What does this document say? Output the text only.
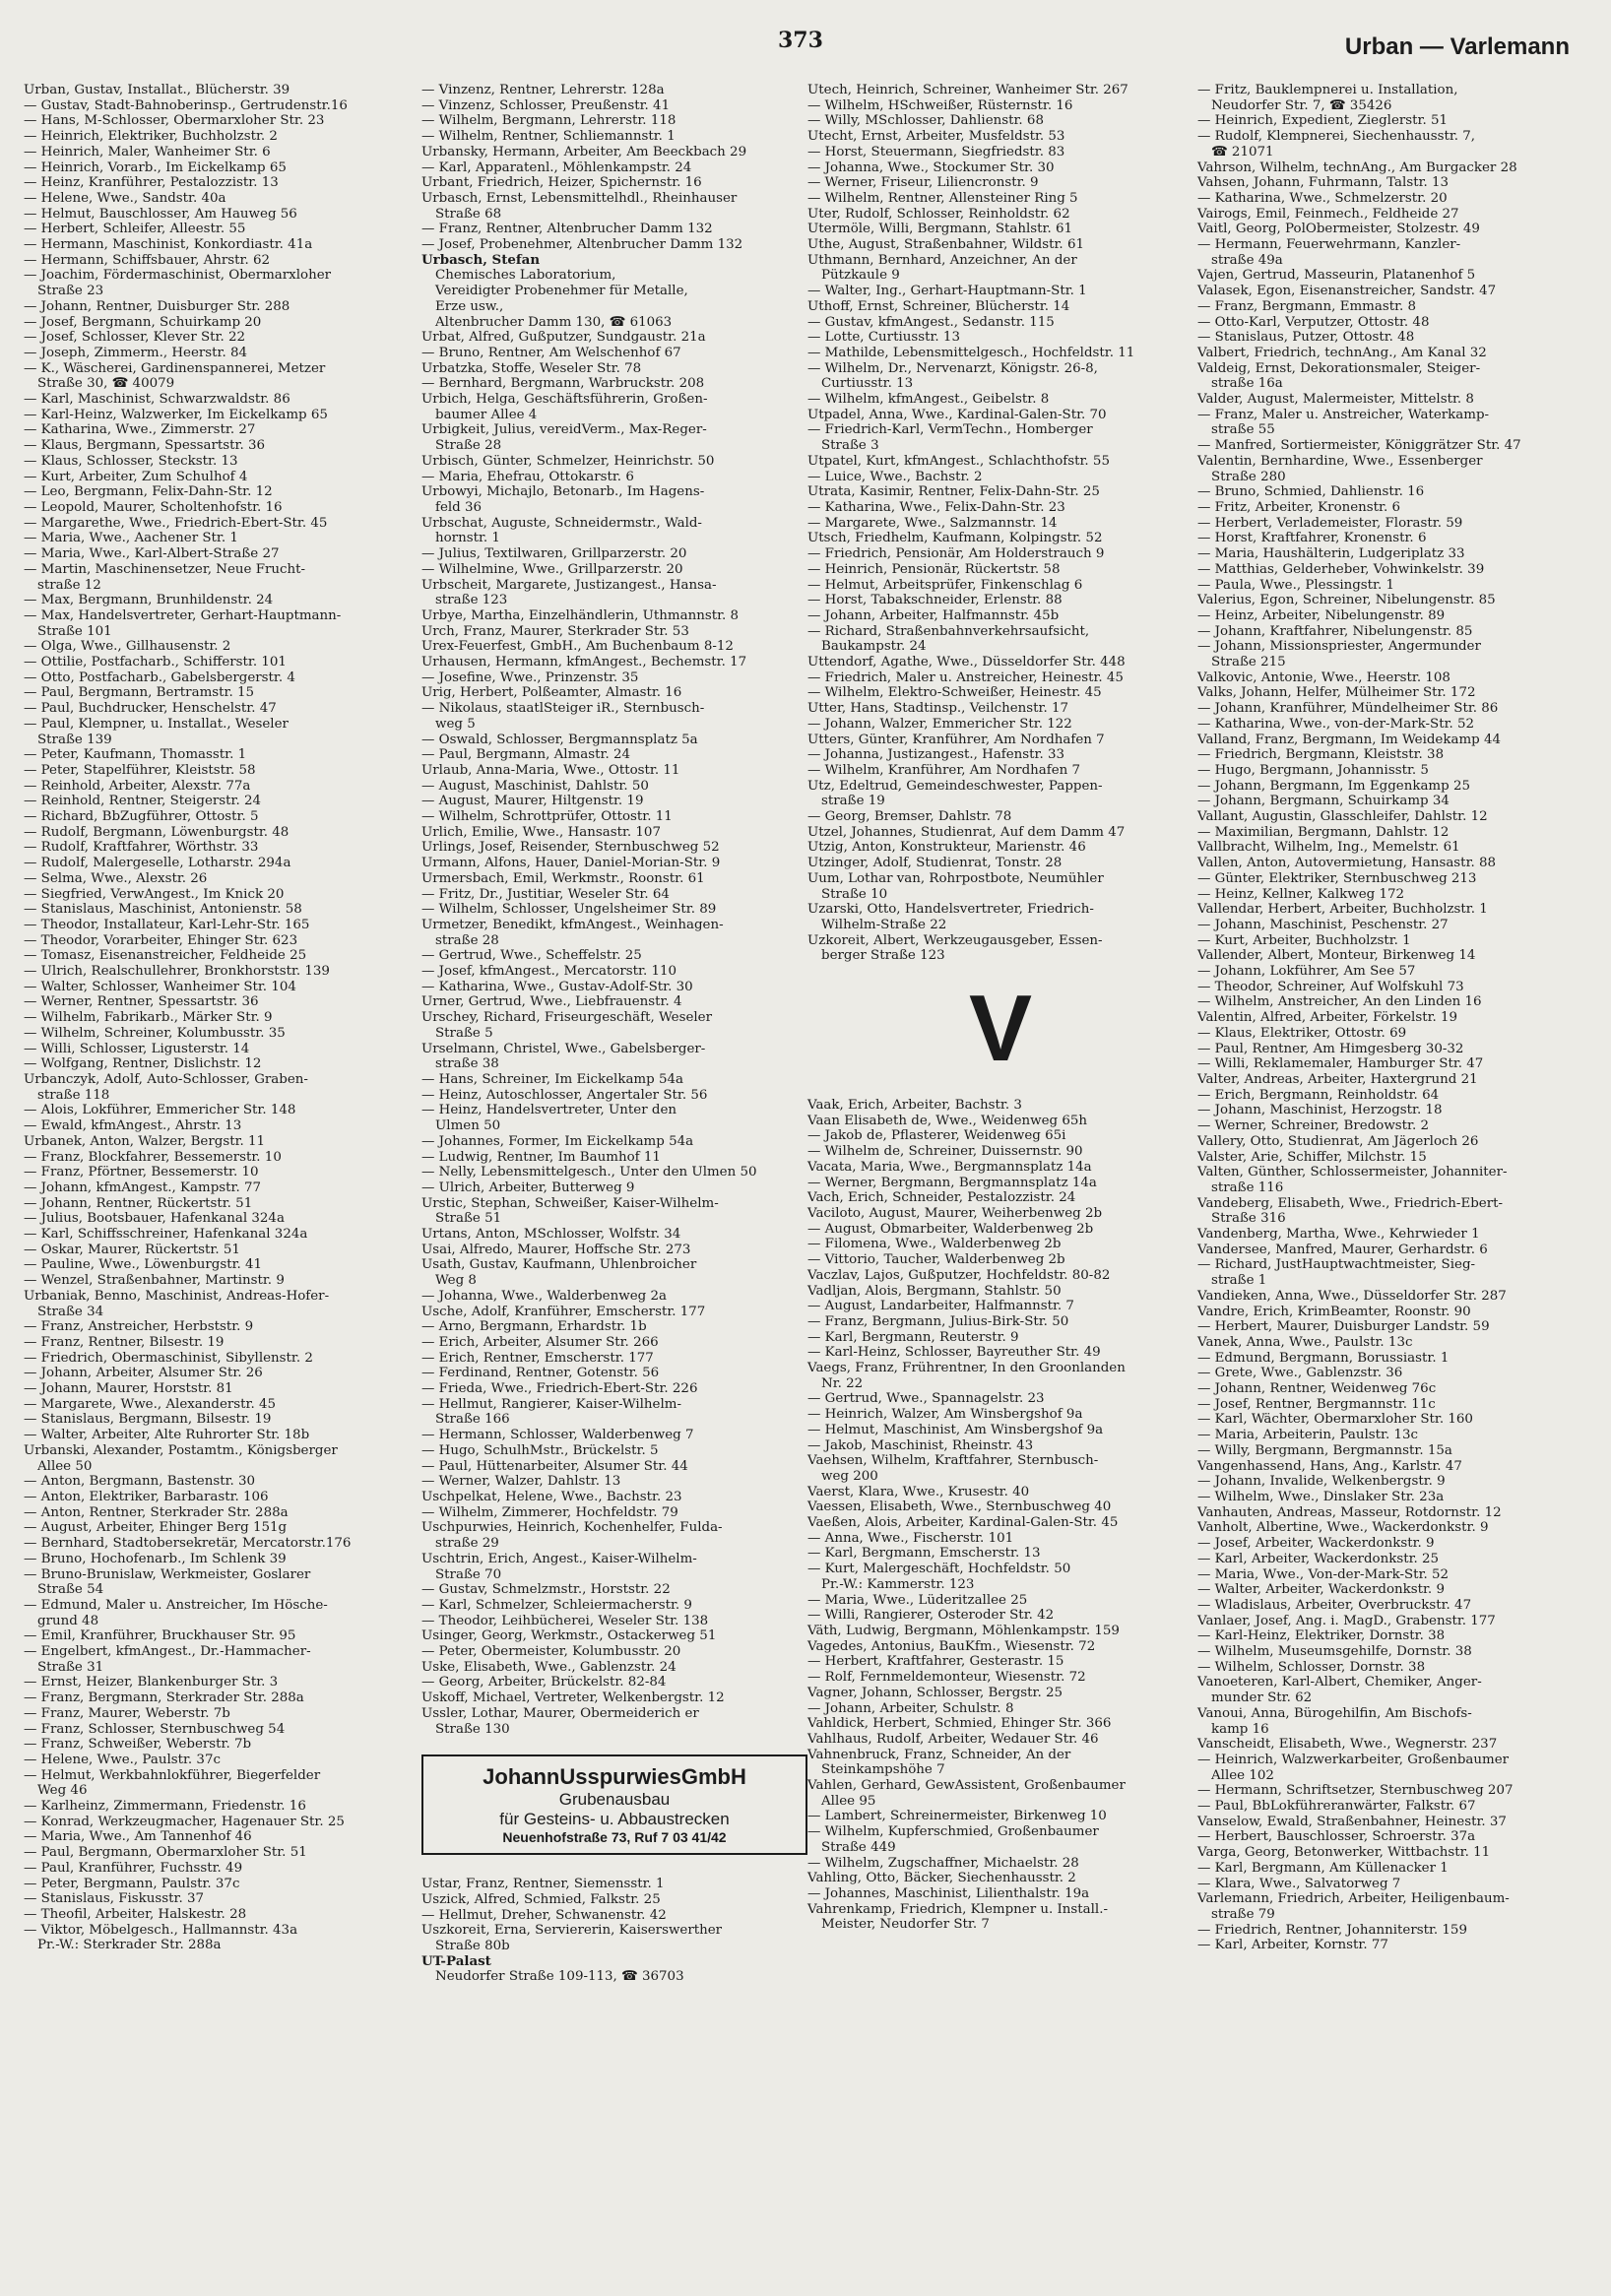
373	Urban — Varlemann
Urban, Gustav, Installat., Blücherstr. 39
— Gustav, Stadt-Bahnoberinsp., Gertrudenstr.16
— Hans, M-Schlosser, Obermarxloher Str. 23
— Heinrich, Elektriker, Buchholzstr. 2
— Heinrich, Maler, Wanheimer Str. 6
— Heinrich, Vorarb., Im Eickelkamp 65
— Heinz, Kranführer, Pestalozzistr. 13
— Helene, Wwe., Sandstr. 40a
— Helmut, Bauschlosser, Am Hauweg 56
— Herbert, Schleifer, Alleestr. 55
— Hermann, Maschinist, Konkordiastr. 41a
— Hermann, Schiffsbauer, Ahrstr. 62
— Joachim, Fördermaschinist, Obermarxloher
Straße 23
— Johann, Rentner, Duisburger Str. 288
— Josef, Bergmann, Schuirkamp 20
— Josef, Schlosser, Klever Str. 22
— Joseph, Zimmerm., Heerstr. 84
— K., Wäscherei, Gardinenspannerei, Metzer
Straße 30, ☎ 40079
— Karl, Maschinist, Schwarzwaldstr. 86
— Karl-Heinz, Walzwerker, Im Eickelkamp 65
— Katharina, Wwe., Zimmerstr. 27
— Klaus, Bergmann, Spessartstr. 36
— Klaus, Schlosser, Steckstr. 13
— Kurt, Arbeiter, Zum Schulhof 4
— Leo, Bergmann, Felix-Dahn-Str. 12
— Leopold, Maurer, Scholtenhofstr. 16
— Margarethe, Wwe., Friedrich-Ebert-Str. 45
— Maria, Wwe., Aachener Str. 1
— Maria, Wwe., Karl-Albert-Straße 27
— Martin, Maschinensetzer, Neue Frucht-
straße 12
— Max, Bergmann, Brunhildenstr. 24
— Max, Handelsvertreter, Gerhart-Hauptmann-
Straße 101
— Olga, Wwe., Gillhausenstr. 2
— Ottilie, Postfacharb., Schifferstr. 101
— Otto, Postfacharb., Gabelsbergerstr. 4
— Paul, Bergmann, Bertramstr. 15
— Paul, Buchdrucker, Henschelstr. 47
— Paul, Klempner, u. Installat., Weseler
Straße 139
— Peter, Kaufmann, Thomasstr. 1
— Peter, Stapelführer, Kleiststr. 58
— Reinhold, Arbeiter, Alexstr. 77a
— Reinhold, Rentner, Steigerstr. 24
— Richard, BbZugführer, Ottostr. 5
— Rudolf, Bergmann, Löwenburgstr. 48
— Rudolf, Kraftfahrer, Wörthstr. 33
— Rudolf, Malergeselle, Lotharstr. 294a
— Selma, Wwe., Alexstr. 26
— Siegfried, VerwAngest., Im Knick 20
— Stanislaus, Maschinist, Antonienstr. 58
— Theodor, Installateur, Karl-Lehr-Str. 165
— Theodor, Vorarbeiter, Ehinger Str. 623
— Tomasz, Eisenanstreicher, Feldheide 25
— Ulrich, Realschullehrer, Bronkhorststr. 139
— Walter, Schlosser, Wanheimer Str. 104
— Werner, Rentner, Spessartstr. 36
— Wilhelm, Fabrikarb., Märker Str. 9
— Wilhelm, Schreiner, Kolumbusstr. 35
— Willi, Schlosser, Ligusterstr. 14
— Wolfgang, Rentner, Dislichstr. 12
Urbanczyk, Adolf, Auto-Schlosser, Graben-
straße 118
— Alois, Lokführer, Emmericher Str. 148
— Ewald, kfmAngest., Ahrstr. 13
Urbanek, Anton, Walzer, Bergstr. 11
— Franz, Blockfahrer, Bessemerstr. 10
— Franz, Pförtner, Bessemerstr. 10
— Johann, kfmAngest., Kampstr. 77
— Johann, Rentner, Rückertstr. 51
— Julius, Bootsbauer, Hafenkanal 324a
— Karl, Schiffsschreiner, Hafenkanal 324a
— Oskar, Maurer, Rückertstr. 51
— Pauline, Wwe., Löwenburgstr. 41
— Wenzel, Straßenbahner, Martinstr. 9
Urbaniak, Benno, Maschinist, Andreas-Hofer-
Straße 34
— Franz, Anstreicher, Herbststr. 9
— Franz, Rentner, Bilsestr. 19
— Friedrich, Obermaschinist, Sibyllenstr. 2
— Johann, Arbeiter, Alsumer Str. 26
— Johann, Maurer, Horststr. 81
— Margarete, Wwe., Alexanderstr. 45
— Stanislaus, Bergmann, Bilsestr. 19
— Walter, Arbeiter, Alte Ruhrorter Str. 18b
Urbanski, Alexander, Postamtm., Königsberger
Allee 50
— Anton, Bergmann, Bastenstr. 30
— Anton, Elektriker, Barbarastr. 106
— Anton, Rentner, Sterkrader Str. 288a
— August, Arbeiter, Ehinger Berg 151g
— Bernhard, Stadtobersekretär, Mercatorstr.176
— Bruno, Hochofenarb., Im Schlenk 39
— Bruno-Brunislaw, Werkmeister, Goslarer
Straße 54
— Edmund, Maler u. Anstreicher, Im Hösche-
grund 48
— Emil, Kranführer, Bruckhauser Str. 95
— Engelbert, kfmAngest., Dr.-Hammacher-
Straße 31
— Ernst, Heizer, Blankenburger Str. 3
— Franz, Bergmann, Sterkrader Str. 288a
— Franz, Maurer, Weberstr. 7b
— Franz, Schlosser, Sternbuschweg 54
— Franz, Schweißer, Weberstr. 7b
— Helene, Wwe., Paulstr. 37c
— Helmut, Werkbahnlokführer, Biegerfelder
Weg 46
— Karlheinz, Zimmermann, Friedenstr. 16
— Konrad, Werkzeugmacher, Hagenauer Str. 25
— Maria, Wwe., Am Tannenhof 46
— Paul, Bergmann, Obermarxloher Str. 51
— Paul, Kranführer, Fuchsstr. 49
— Peter, Bergmann, Paulstr. 37c
— Stanislaus, Fiskusstr. 37
— Theofil, Arbeiter, Halskestr. 28
— Viktor, Möbelgesch., Hallmannstr. 43a
Pr.-W.: Sterkrader Str. 288a
— Vinzenz, Rentner, Lehrerstr. 128a
— Vinzenz, Schlosser, Preußenstr. 41
— Wilhelm, Bergmann, Lehrerstr. 118
— Wilhelm, Rentner, Schliemannstr. 1
Urbansky, Hermann, Arbeiter, Am Beeckbach 29
— Karl, Apparatenl., Möhlenkampstr. 24
Urbant, Friedrich, Heizer, Spichernstr. 16
Urbasch, Ernst, Lebensmittelhdl., Rheinhauser
Straße 68
— Franz, Rentner, Altenbrucher Damm 132
— Josef, Probenehmer, Altenbrucher Damm 132
Urbasch, Stefan
Chemisches Laboratorium,
Vereidigter Probenehmer für Metalle,
Erze usw.,
Altenbrucher Damm 130, ☎ 61063
Urbat, Alfred, Gußputzer, Sundgaustr. 21a
— Bruno, Rentner, Am Welschenhof 67
Urbatzka, Stoffe, Weseler Str. 78
— Bernhard, Bergmann, Warbruckstr. 208
Urbich, Helga, Geschäftsführerin, Großen-
baumer Allee 4
Urbigkeit, Julius, vereidVerm., Max-Reger-
Straße 28
Urbisch, Günter, Schmelzer, Heinrichstr. 50
— Maria, Ehefrau, Ottokarstr. 6
Urbowyi, Michajlo, Betonarb., Im Hagens-
feld 36
Urbschat, Auguste, Schneidermstr., Wald-
hornstr. 1
— Julius, Textilwaren, Grillparzerstr. 20
— Wilhelmine, Wwe., Grillparzerstr. 20
Urbscheit, Margarete, Justizangest., Hansa-
straße 123
Urbye, Martha, Einzelhändlerin, Uthmannstr. 8
Urch, Franz, Maurer, Sterkrader Str. 53
Urex-Feuerfest, GmbH., Am Buchenbaum 8-12
Urhausen, Hermann, kfmAngest., Bechemstr. 17
— Josefine, Wwe., Prinzenstr. 35
Urig, Herbert, Polßeamter, Almastr. 16
— Nikolaus, staatlSteiger iR., Sternbusch-
weg 5
— Oswald, Schlosser, Bergmannsplatz 5a
— Paul, Bergmann, Almastr. 24
Urlaub, Anna-Maria, Wwe., Ottostr. 11
— August, Maschinist, Dahlstr. 50
— August, Maurer, Hiltgenstr. 19
— Wilhelm, Schrottprüfer, Ottostr. 11
Urlich, Emilie, Wwe., Hansastr. 107
Urlings, Josef, Reisender, Sternbuschweg 52
Urmann, Alfons, Hauer, Daniel-Morian-Str. 9
Urmersbach, Emil, Werkmstr., Roonstr. 61
— Fritz, Dr., Justitiar, Weseler Str. 64
— Wilhelm, Schlosser, Ungelsheimer Str. 89
Urmetzer, Benedikt, kfmAngest., Weinhagen-
straße 28
— Gertrud, Wwe., Scheffelstr. 25
— Josef, kfmAngest., Mercatorstr. 110
— Katharina, Wwe., Gustav-Adolf-Str. 30
Urner, Gertrud, Wwe., Liebfrauenstr. 4
Urschey, Richard, Friseurgeschäft, Weseler
Straße 5
Urselmann, Christel, Wwe., Gabelsberger-
straße 38
— Hans, Schreiner, Im Eickelkamp 54a
— Heinz, Autoschlosser, Angertaler Str. 56
— Heinz, Handelsvertreter, Unter den
Ulmen 50
— Johannes, Former, Im Eickelkamp 54a
— Ludwig, Rentner, Im Baumhof 11
— Nelly, Lebensmittelgesch., Unter den Ulmen 50
— Ulrich, Arbeiter, Butterweg 9
Urstic, Stephan, Schweißer, Kaiser-Wilhelm-
Straße 51
Urtans, Anton, MSchlosser, Wolfstr. 34
Usai, Alfredo, Maurer, Hoffsche Str. 273
Usath, Gustav, Kaufmann, Uhlenbroicher
Weg 8
— Johanna, Wwe., Walderbenweg 2a
Usche, Adolf, Kranführer, Emscherstr. 177
— Arno, Bergmann, Erhardstr. 1b
— Erich, Arbeiter, Alsumer Str. 266
— Erich, Rentner, Emscherstr. 177
— Ferdinand, Rentner, Gotenstr. 56
— Frieda, Wwe., Friedrich-Ebert-Str. 226
— Hellmut, Rangierer, Kaiser-Wilhelm-
Straße 166
— Hermann, Schlosser, Walderbenweg 7
— Hugo, SchulhMstr., Brückelstr. 5
— Paul, Hüttenarbeiter, Alsumer Str. 44
— Werner, Walzer, Dahlstr. 13
Uschpelkat, Helene, Wwe., Bachstr. 23
— Wilhelm, Zimmerer, Hochfeldstr. 79
Uschpurwies, Heinrich, Kochenhelfer, Fulda-
straße 29
Uschtrin, Erich, Angest., Kaiser-Wilhelm-
Straße 70
— Gustav, Schmelzmstr., Horststr. 22
— Karl, Schmelzer, Schleiermacherstr. 9
— Theodor, Leihbücherei, Weseler Str. 138
Usinger, Georg, Werkmstr., Ostackerweg 51
— Peter, Obermeister, Kolumbusstr. 20
Uske, Elisabeth, Wwe., Gablenzstr. 24
— Georg, Arbeiter, Brückelstr. 82-84
Uskoff, Michael, Vertreter, Welkenbergstr. 12
Ussler, Lothar, Maurer, Obermeiderich er
Straße 130
JohannUsspurwiesGmbH
Grubenausbau
für Gesteins- u. Abbaustrecken
Neuenhofstraße 73, Ruf 7 03 41/42
Ustar, Franz, Rentner, Siemensstr. 1
Uszick, Alfred, Schmied, Falkstr. 25
— Hellmut, Dreher, Schwanenstr. 42
Uszkoreit, Erna, Serviererin, Kaiserswerther
Straße 80b
UT-Palast
Neudorfer Straße 109-113, ☎ 36703
Utech, Heinrich, Schreiner, Wanheimer Str. 267
— Wilhelm, HSchweißer, Rüsternstr. 16
— Willy, MSchlosser, Dahlienstr. 68
Utecht, Ernst, Arbeiter, Musfeldstr. 53
— Horst, Steuermann, Siegfriedstr. 83
— Johanna, Wwe., Stockumer Str. 30
— Werner, Friseur, Liliencronstr. 9
— Wilhelm, Rentner, Allensteiner Ring 5
Uter, Rudolf, Schlosser, Reinholdstr. 62
Utermöle, Willi, Bergmann, Stahlstr. 61
Uthe, August, Straßenbahner, Wildstr. 61
Uthmann, Bernhard, Anzeichner, An der
Pützkaule 9
— Walter, Ing., Gerhart-Hauptmann-Str. 1
Uthoff, Ernst, Schreiner, Blücherstr. 14
— Gustav, kfmAngest., Sedanstr. 115
— Lotte, Curtiusstr. 13
— Mathilde, Lebensmittelgesch., Hochfeldstr. 11
— Wilhelm, Dr., Nervenarzt, Königstr. 26-8,
Curtiusstr. 13
— Wilhelm, kfmAngest., Geibelstr. 8
Utpadel, Anna, Wwe., Kardinal-Galen-Str. 70
— Friedrich-Karl, VermTechn., Homberger
Straße 3
Utpatel, Kurt, kfmAngest., Schlachthofstr. 55
— Luice, Wwe., Bachstr. 2
Utrata, Kasimir, Rentner, Felix-Dahn-Str. 25
— Katharina, Wwe., Felix-Dahn-Str. 23
— Margarete, Wwe., Salzmannstr. 14
Utsch, Friedhelm, Kaufmann, Kolpingstr. 52
— Friedrich, Pensionär, Am Holderstrauch 9
— Heinrich, Pensionär, Rückertstr. 58
— Helmut, Arbeitsprüfer, Finkenschlag 6
— Horst, Tabakschneider, Erlenstr. 88
— Johann, Arbeiter, Halfmannstr. 45b
— Richard, Straßenbahnverkehrsaufsicht,
Baukampstr. 24
Uttendorf, Agathe, Wwe., Düsseldorfer Str. 448
— Friedrich, Maler u. Anstreicher, Heinestr. 45
— Wilhelm, Elektro-Schweißer, Heinestr. 45
Utter, Hans, Stadtinsp., Veilchenstr. 17
— Johann, Walzer, Emmericher Str. 122
Utters, Günter, Kranführer, Am Nordhafen 7
— Johanna, Justizangest., Hafenstr. 33
— Wilhelm, Kranführer, Am Nordhafen 7
Utz, Edeltrud, Gemeindeschwester, Pappen-
straße 19
— Georg, Bremser, Dahlstr. 78
Utzel, Johannes, Studienrat, Auf dem Damm 47
Utzig, Anton, Konstrukteur, Marienstr. 46
Utzinger, Adolf, Studienrat, Tonstr. 28
Uum, Lothar van, Rohrpostbote, Neumühler
Straße 10
Uzarski, Otto, Handelsvertreter, Friedrich-
Wilhelm-Straße 22
Uzkoreit, Albert, Werkzeugausgeber, Essen-
berger Straße 123
V
Vaak, Erich, Arbeiter, Bachstr. 3
Vaan Elisabeth de, Wwe., Weidenweg 65h
— Jakob de, Pflasterer, Weidenweg 65i
— Wilhelm de, Schreiner, Duissernstr. 90
Vacata, Maria, Wwe., Bergmannsplatz 14a
— Werner, Bergmann, Bergmannsplatz 14a
Vach, Erich, Schneider, Pestalozzistr. 24
Vaciloto, August, Maurer, Weiherbenweg 2b
— August, Obmarbeiter, Walderbenweg 2b
— Filomena, Wwe., Walderbenweg 2b
— Vittorio, Taucher, Walderbenweg 2b
Vaczlav, Lajos, Gußputzer, Hochfeldstr. 80-82
Vadljan, Alois, Bergmann, Stahlstr. 50
— August, Landarbeiter, Halfmannstr. 7
— Franz, Bergmann, Julius-Birk-Str. 50
— Karl, Bergmann, Reuterstr. 9
— Karl-Heinz, Schlosser, Bayreuther Str. 49
Vaegs, Franz, Frührentner, In den Groonlanden
Nr. 22
— Gertrud, Wwe., Spannagelstr. 23
— Heinrich, Walzer, Am Winsbergshof 9a
— Helmut, Maschinist, Am Winsbergshof 9a
— Jakob, Maschinist, Rheinstr. 43
Vaehsen, Wilhelm, Kraftfahrer, Sternbusch-
weg 200
Vaerst, Klara, Wwe., Krusestr. 40
Vaessen, Elisabeth, Wwe., Sternbuschweg 40
Vaeßen, Alois, Arbeiter, Kardinal-Galen-Str. 45
— Anna, Wwe., Fischerstr. 101
— Karl, Bergmann, Emscherstr. 13
— Kurt, Malergeschäft, Hochfeldstr. 50
Pr.-W.: Kammerstr. 123
— Maria, Wwe., Lüderitzallee 25
— Willi, Rangierer, Osteroder Str. 42
Väth, Ludwig, Bergmann, Möhlenkampstr. 159
Vagedes, Antonius, BauKfm., Wiesenstr. 72
— Herbert, Kraftfahrer, Gesterastr. 15
— Rolf, Fernmeldemonteur, Wiesenstr. 72
Vagner, Johann, Schlosser, Bergstr. 25
— Johann, Arbeiter, Schulstr. 8
Vahldick, Herbert, Schmied, Ehinger Str. 366
Vahlhaus, Rudolf, Arbeiter, Wedauer Str. 46
Vahnenbruck, Franz, Schneider, An der
Steinkampshöhe 7
Vahlen, Gerhard, GewAssistent, Großenbaumer
Allee 95
— Lambert, Schreinermeister, Birkenweg 10
— Wilhelm, Kupferschmied, Großenbaumer
Straße 449
— Wilhelm, Zugschaffner, Michaelstr. 28
Vahling, Otto, Bäcker, Siechenhausstr. 2
— Johannes, Maschinist, Lilienthalstr. 19a
Vahrenkamp, Friedrich, Klempner u. Install.-
Meister, Neudorfer Str. 7
— Fritz, Bauklempnerei u. Installation,
Neudorfer Str. 7, ☎ 35426
— Heinrich, Expedient, Zieglerstr. 51
— Rudolf, Klempnerei, Siechenhausstr. 7,
☎ 21071
Vahrson, Wilhelm, technAng., Am Burgacker 28
Vahsen, Johann, Fuhrmann, Talstr. 13
— Katharina, Wwe., Schmelzerstr. 20
Vairogs, Emil, Feinmech., Feldheide 27
Vaitl, Georg, PolObermeister, Stolzestr. 49
— Hermann, Feuerwehrmann, Kanzler-
straße 49a
Vajen, Gertrud, Masseurin, Platanenhof 5
Valasek, Egon, Eisenanstreicher, Sandstr. 47
— Franz, Bergmann, Emmastr. 8
— Otto-Karl, Verputzer, Ottostr. 48
— Stanislaus, Putzer, Ottostr. 48
Valbert, Friedrich, technAng., Am Kanal 32
Valdeig, Ernst, Dekorationsmaler, Steiger-
straße 16a
Valder, August, Malermeister, Mittelstr. 8
— Franz, Maler u. Anstreicher, Waterkamp-
straße 55
— Manfred, Sortiermeister, Königgrätzer Str. 47
Valentin, Bernhardine, Wwe., Essenberger
Straße 280
— Bruno, Schmied, Dahlienstr. 16
— Fritz, Arbeiter, Kronenstr. 6
— Herbert, Verlademeister, Florastr. 59
— Horst, Kraftfahrer, Kronenstr. 6
— Maria, Haushälterin, Ludgeriplatz 33
— Matthias, Gelderheber, Vohwinkelstr. 39
— Paula, Wwe., Plessingstr. 1
Valerius, Egon, Schreiner, Nibelungenstr. 85
— Heinz, Arbeiter, Nibelungenstr. 89
— Johann, Kraftfahrer, Nibelungenstr. 85
— Johann, Missionspriester, Angermunder
Straße 215
Valkovic, Antonie, Wwe., Heerstr. 108
Valks, Johann, Helfer, Mülheimer Str. 172
— Johann, Kranführer, Mündelheimer Str. 86
— Katharina, Wwe., von-der-Mark-Str. 52
Valland, Franz, Bergmann, Im Weidekamp 44
— Friedrich, Bergmann, Kleiststr. 38
— Hugo, Bergmann, Johannisstr. 5
— Johann, Bergmann, Im Eggenkamp 25
— Johann, Bergmann, Schuirkamp 34
Vallant, Augustin, Glasschleifer, Dahlstr. 12
— Maximilian, Bergmann, Dahlstr. 12
Vallbracht, Wilhelm, Ing., Memelstr. 61
Vallen, Anton, Autovermietung, Hansastr. 88
— Günter, Elektriker, Sternbuschweg 213
— Heinz, Kellner, Kalkweg 172
Vallendar, Herbert, Arbeiter, Buchholzstr. 1
— Johann, Maschinist, Peschenstr. 27
— Kurt, Arbeiter, Buchholzstr. 1
Vallender, Albert, Monteur, Birkenweg 14
— Johann, Lokführer, Am See 57
— Theodor, Schreiner, Auf Wolfskuhl 73
— Wilhelm, Anstreicher, An den Linden 16
Valentin, Alfred, Arbeiter, Förkelstr. 19
— Klaus, Elektriker, Ottostr. 69
— Paul, Rentner, Am Himgesberg 30-32
— Willi, Reklamemaler, Hamburger Str. 47
Valter, Andreas, Arbeiter, Haxtergrund 21
— Erich, Bergmann, Reinholdstr. 64
— Johann, Maschinist, Herzogstr. 18
— Werner, Schreiner, Bredowstr. 2
Vallery, Otto, Studienrat, Am Jägerloch 26
Valster, Arie, Schiffer, Milchstr. 15
Valten, Günther, Schlossermeister, Johanniter-
straße 116
Vandeberg, Elisabeth, Wwe., Friedrich-Ebert-
Straße 316
Vandenberg, Martha, Wwe., Kehrwieder 1
Vandersee, Manfred, Maurer, Gerhardstr. 6
— Richard, JustHauptwachtmeister, Sieg-
straße 1
Vandieken, Anna, Wwe., Düsseldorfer Str. 287
Vandre, Erich, KrimBeamter, Roonstr. 90
— Herbert, Maurer, Duisburger Landstr. 59
Vanek, Anna, Wwe., Paulstr. 13c
— Edmund, Bergmann, Borussiastr. 1
— Grete, Wwe., Gablenzstr. 36
— Johann, Rentner, Weidenweg 76c
— Josef, Rentner, Bergmannstr. 11c
— Karl, Wächter, Obermarxloher Str. 160
— Maria, Arbeiterin, Paulstr. 13c
— Willy, Bergmann, Bergmannstr. 15a
Vangenhassend, Hans, Ang., Karlstr. 47
— Johann, Invalide, Welkenbergstr. 9
— Wilhelm, Wwe., Dinslaker Str. 23a
Vanhauten, Andreas, Masseur, Rotdornstr. 12
Vanholt, Albertine, Wwe., Wackerdonkstr. 9
— Josef, Arbeiter, Wackerdonkstr. 9
— Karl, Arbeiter, Wackerdonkstr. 25
— Maria, Wwe., Von-der-Mark-Str. 52
— Walter, Arbeiter, Wackerdonkstr. 9
— Wladislaus, Arbeiter, Overbruckstr. 47
Vanlaer, Josef, Ang. i. MagD., Grabenstr. 177
— Karl-Heinz, Elektriker, Dornstr. 38
— Wilhelm, Museumsgehilfe, Dornstr. 38
— Wilhelm, Schlosser, Dornstr. 38
Vanoeteren, Karl-Albert, Chemiker, Anger-
munder Str. 62
Vanoui, Anna, Bürogehilfin, Am Bischofs-
kamp 16
Vanscheidt, Elisabeth, Wwe., Wegnerstr. 237
— Heinrich, Walzwerkarbeiter, Großenbaumer
Allee 102
— Hermann, Schriftsetzer, Sternbuschweg 207
— Paul, BbLokführeranwärter, Falkstr. 67
Vanselow, Ewald, Straßenbahner, Heinestr. 37
— Herbert, Bauschlosser, Schroerstr. 37a
Varga, Georg, Betonwerker, Wittbachstr. 11
— Karl, Bergmann, Am Küllenacker 1
— Klara, Wwe., Salvatorweg 7
Varlemann, Friedrich, Arbeiter, Heiligenbaum-
straße 79
— Friedrich, Rentner, Johanniterstr. 159
— Karl, Arbeiter, Kornstr. 77
